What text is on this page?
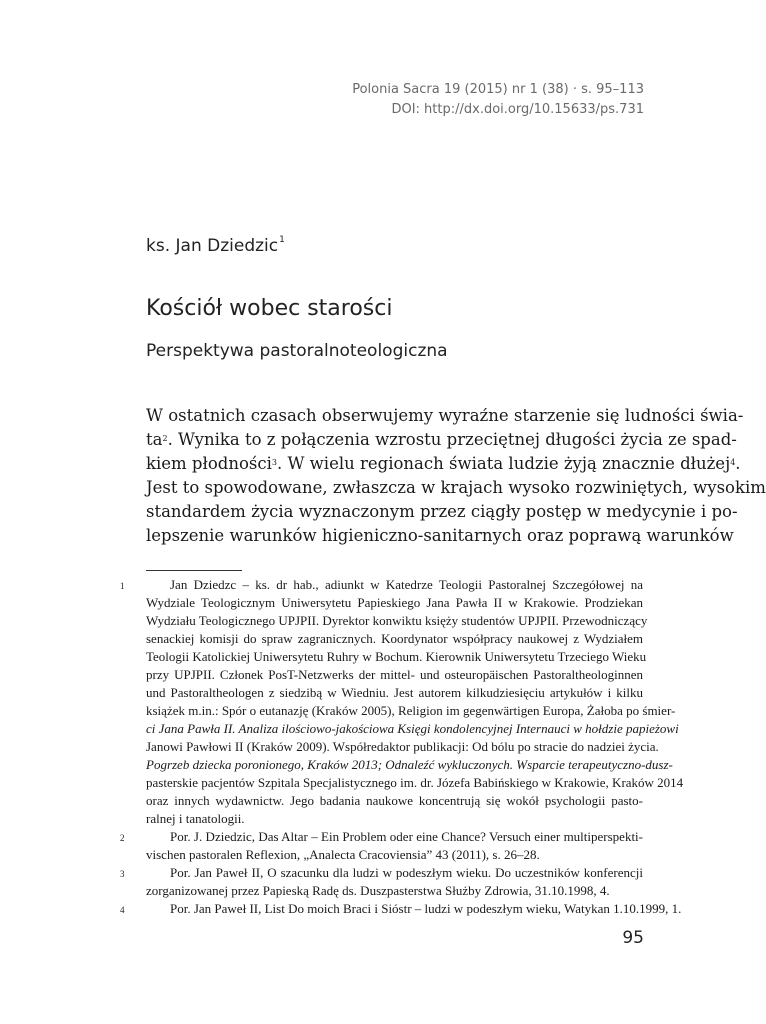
Polonia Sacra 19 (2015) nr 1 (38) · s. 95–113
DOI: http://dx.doi.org/10.15633/ps.731
ks. Jan Dziedzic$^1$
Kościół wobec starości
Perspektywa pastoralnoteologiczna
W ostatnich czasach obserwujemy wyraźne starzenie się ludności świa-
$ta^2$. Wynika to z połączenia wzrostu przeciętnej długości życia ze spad-
kiem płodności$^3$. W wielu regionach świata ludzie żyją znacznie dłużej$^4$.
Jest to spowodowane, zwłaszcza w krajach wysoko rozwiniętych, wysokim
standardem życia wyznaczonym przez ciągły postęp w medycynie i po-
lepszenie warunków higieniczno-sanitarnych oraz poprawą warunków
1	Jan Dziedzc – ks. dr hab., adiunkt w Katedrze Teologii Pastoralnej Szczegółowej na
Wydziale Teologicznym Uniwersytetu Papieskiego Jana Pawła II w Krakowie. Prodziekan
Wydziału Teologicznego UPJPII. Dyrektor konwiktu księży studentów UPJPII. Przewodniczący
senackiej komisji do spraw zagranicznych. Koordynator współpracy naukowej z Wydziałem
Teologii Katolickiej Uniwersytetu Ruhry w Bochum. Kierownik Uniwersytetu Trzeciego Wieku
przy UPJPII. Członek PosT-Netzwerks der mittel- und osteuropäischen Pastoraltheologinnen
und Pastoraltheologen z siedzibą w Wiedniu. Jest autorem kilkudziesięciu artykułów i kilku
książek m.in.: Spór o eutanazję (Kraków 2005), Religion im gegenwärtigen Europa, Żałoba po śmier-
ci Jana Pawła II. Analiza ilościowo-jakościowa Księgi kondolencyjnej Internauci w hołdzie papieżowi
Janowi Pawłowi II (Kraków 2009). Współredaktor publikacji: Od bólu po stracie do nadziei życia.
Pogrzeb dziecka poronionego, Kraków 2013; Odnaleźć wykluczonych. Wsparcie terapeutyczno-dusz-
pasterskie pacjentów Szpitala Specjalistycznego im. dr. Józefa Babińskiego w Krakowie, Kraków 2014
oraz innych wydawnictw. Jego badania naukowe koncentrują się wokół psychologii pasto-
ralnej i tanatologii.
2	Por. J. Dziedzic, Das Altar – Ein Problem oder eine Chance? Versuch einer multiperspekti-
vischen pastoralen Reflexion, „Analecta Cracoviensia” 43 (2011), s. 26–28.
3	Por. Jan Paweł II, O szacunku dla ludzi w podeszłym wieku. Do uczestników konferencji
zorganizowanej przez Papieską Radę ds. Duszpasterstwa Służby Zdrowia, 31.10.1998, 4.
4	Por. Jan Paweł II, List Do moich Braci i Sióstr – ludzi w podeszłym wieku, Watykan 1.10.1999, 1.
95
